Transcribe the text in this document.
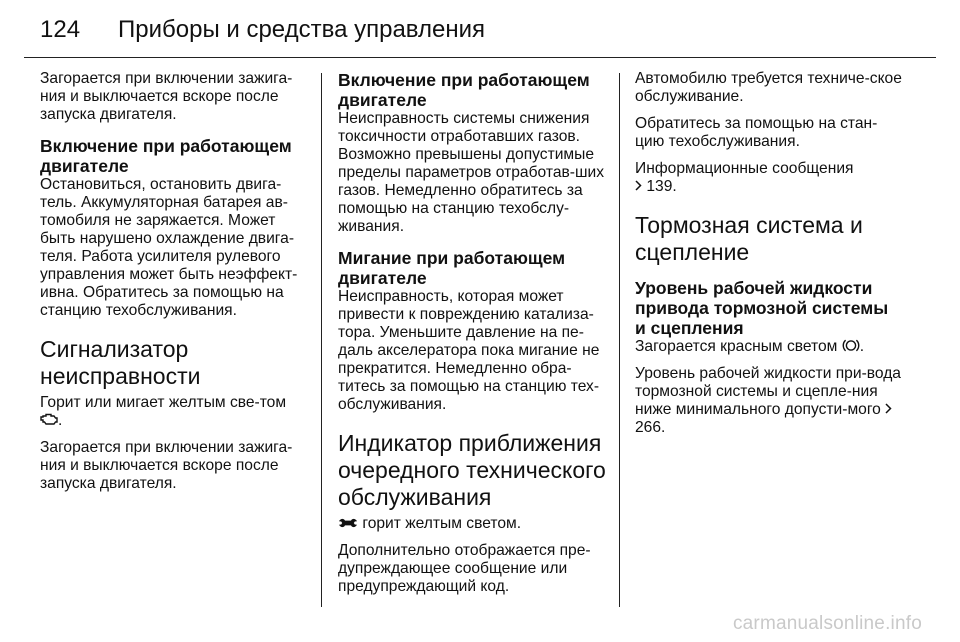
124 Приборы и средства управления

Загорается при включении зажига-ния и выключается вскоре после запуска двигателя.

Включение при работающем двигателе

Остановиться, остановить двига-тель. Аккумуляторная батарея ав-томобиля не заряжается. Может быть нарушено охлаждение двига-теля. Работа усилителя рулевого управления может быть неэффект-ивна. Обратитесь за помощью на станцию техобслуживания.

Сигнализатор неисправности

Горит или мигает желтым све-том .

Загорается при включении зажига-ния и выключается вскоре после запуска двигателя.

Включение при работающем двигателе

Неисправность системы снижения токсичности отработавших газов. Возможно превышены допустимые пределы параметров отработав-ших газов. Немедленно обратитесь за помощью на станцию техобслу-живания.

Мигание при работающем двигателе

Неисправность, которая может привести к повреждению катализа-тора. Уменьшите давление на пе-даль акселератора пока мигание не прекратится. Немедленно обра-титесь за помощью на станцию тех-обслуживания.

Индикатор приближения очередного технического обслуживания

горит желтым светом.

Дополнительно отображается пре-дупреждающее сообщение или предупреждающий код.

Автомобилю требуется техниче-ское обслуживание.

Обратитесь за помощью на стан-цию техобслуживания.

Информационные сообщения
139.

Тормозная система и сцепление
Уровень рабочей жидкости привода тормозной системы и сцепления

Загорается красным светом .

Уровень рабочей жидкости при-вода тормозной системы и сцепле-ния ниже минимального допусти-мого  266.

carmanualsonline.info
